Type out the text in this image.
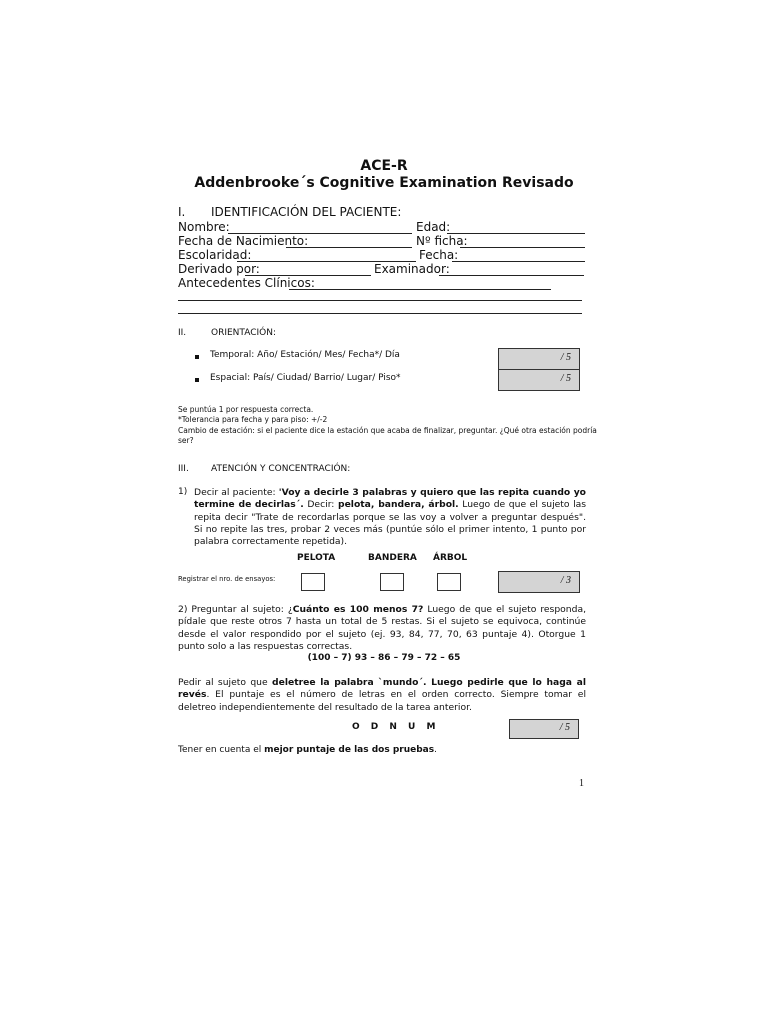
ACE-R
Addenbrooke´s Cognitive Examination Revisado
I. IDENTIFICACIÓN DEL PACIENTE:
Nombre:	Edad:
Fecha de Nacimiento:	Nº ficha:
Escolaridad:	Fecha:
Derivado por:	Examinador:
Antecedentes Clínicos:
II.	ORIENTACIÓN:
Temporal: Año/ Estación/ Mes/ Fecha*/ Día	/ 5
Espacial: País/ Ciudad/ Barrio/ Lugar/ Piso*	/ 5
Se puntúa 1 por respuesta correcta.
*Tolerancia para fecha y para piso: +/-2
Cambio de estación: si el paciente dice la estación que acaba de finalizar, preguntar. ¿Qué otra estación podría
ser?
III. ATENCIÓN Y CONCENTRACIÓN:
1) Decir al paciente: 'Voy a decirle 3 palabras y quiero que las repita cuando yo termine de decirlas´. Decir: pelota, bandera, árbol. Luego de que el sujeto las repita decir "Trate de recordarlas porque se las voy a volver a preguntar después". Si no repite las tres, probar 2 veces más (puntúe sólo el primer intento, 1 punto por palabra correctamente repetida).
PELOTA	BANDERA ÁRBOL
Registrar el nro. de ensayos:	/ 3
2) Preguntar al sujeto: ¿Cuánto es 100 menos 7? Luego de que el sujeto responda, pídale que reste otros 7 hasta un total de 5 restas. Si el sujeto se equivoca, continúe desde el valor respondido por el sujeto (ej. 93, 84, 77, 70, 63 puntaje 4). Otorgue 1 punto solo a las respuestas correctas.
(100 – 7) 93 – 86 – 79 – 72 – 65
Pedir al sujeto que deletree la palabra `mundo´. Luego pedirle que lo haga al revés. El puntaje es el número de letras en el orden correcto. Siempre tomar el deletreo independientemente del resultado de la tarea anterior.
O D N U M	/ 5
Tener en cuenta el mejor puntaje de las dos pruebas.
1
